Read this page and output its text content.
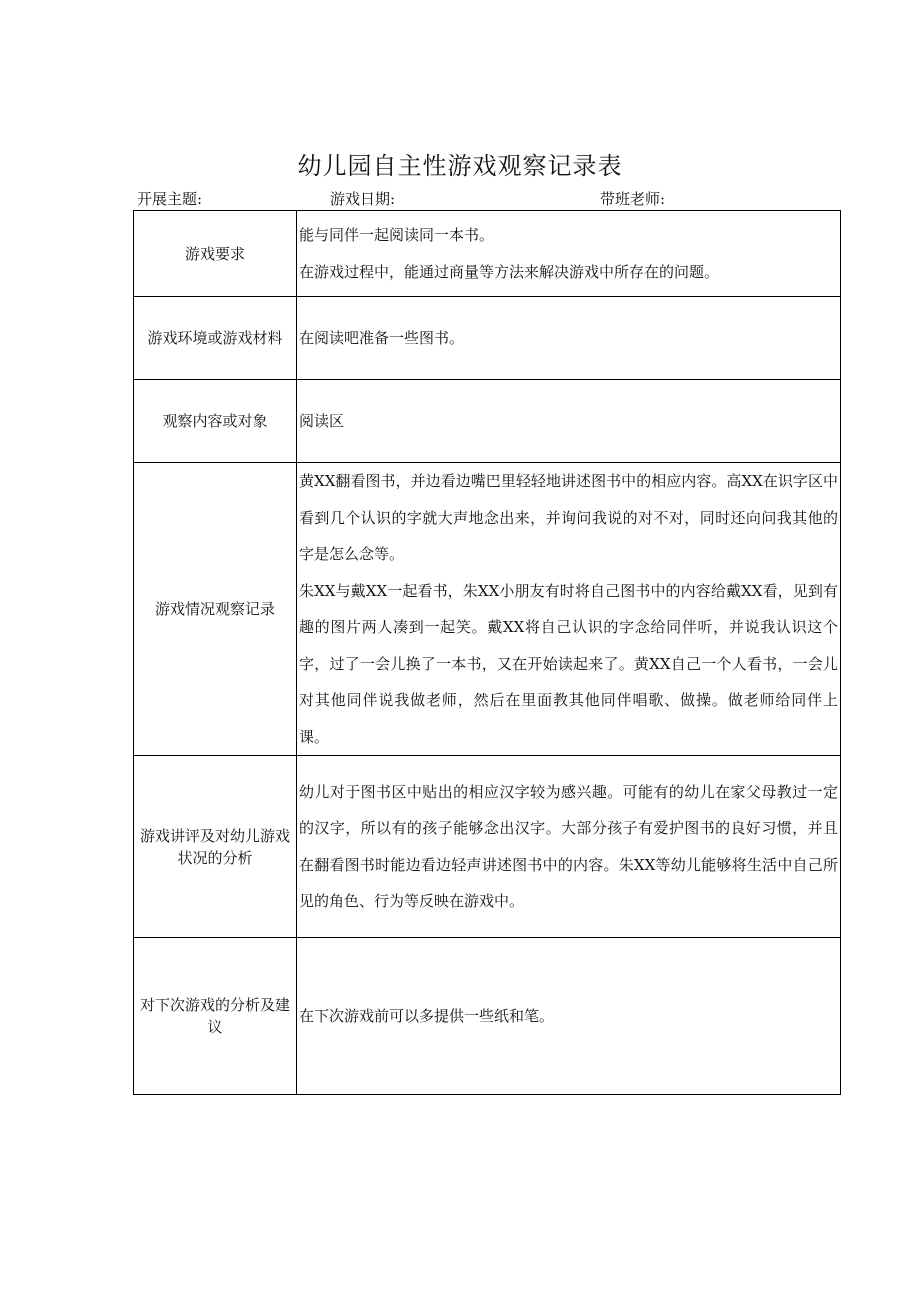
幼儿园自主性游戏观察记录表
开展主题:	游戏日期:	带班老师:
游戏要求	能与同伴一起阅读同一本书。

在游戏过程中，能通过商量等方法来解决游戏中所存在的问题。

游戏环境或游戏材料	在阅读吧准备一些图书。

观察内容或对象	阅读区

游戏情况观察记录	黄XX翻看图书，并边看边嘴巴里轻轻地讲述图书中的相应内容。高XX在识字区中看到几个认识的字就大声地念出来，并询问我说的对不对，同时还向问我其他的字是怎么念等。

朱XX与戴XX一起看书，朱XX小朋友有时将自己图书中的内容给戴XX看，见到有趣的图片两人凑到一起笑。戴XX将自己认识的字念给同伴听，并说我认识这个字，过了一会儿换了一本书，又在开始读起来了。黄XX自己一个人看书，一会儿对其他同伴说我做老师，然后在里面教其他同伴唱歌、做操。做老师给同伴上课。

游戏讲评及对幼儿游戏状况的分析	幼儿对于图书区中贴出的相应汉字较为感兴趣。可能有的幼儿在家父母教过一定的汉字，所以有的孩子能够念出汉字。大部分孩子有爱护图书的良好习惯，并且在翻看图书时能边看边轻声讲述图书中的内容。朱XX等幼儿能够将生活中自己所见的角色、行为等反映在游戏中。

对下次游戏的分析及建议	在下次游戏前可以多提供一些纸和笔。
